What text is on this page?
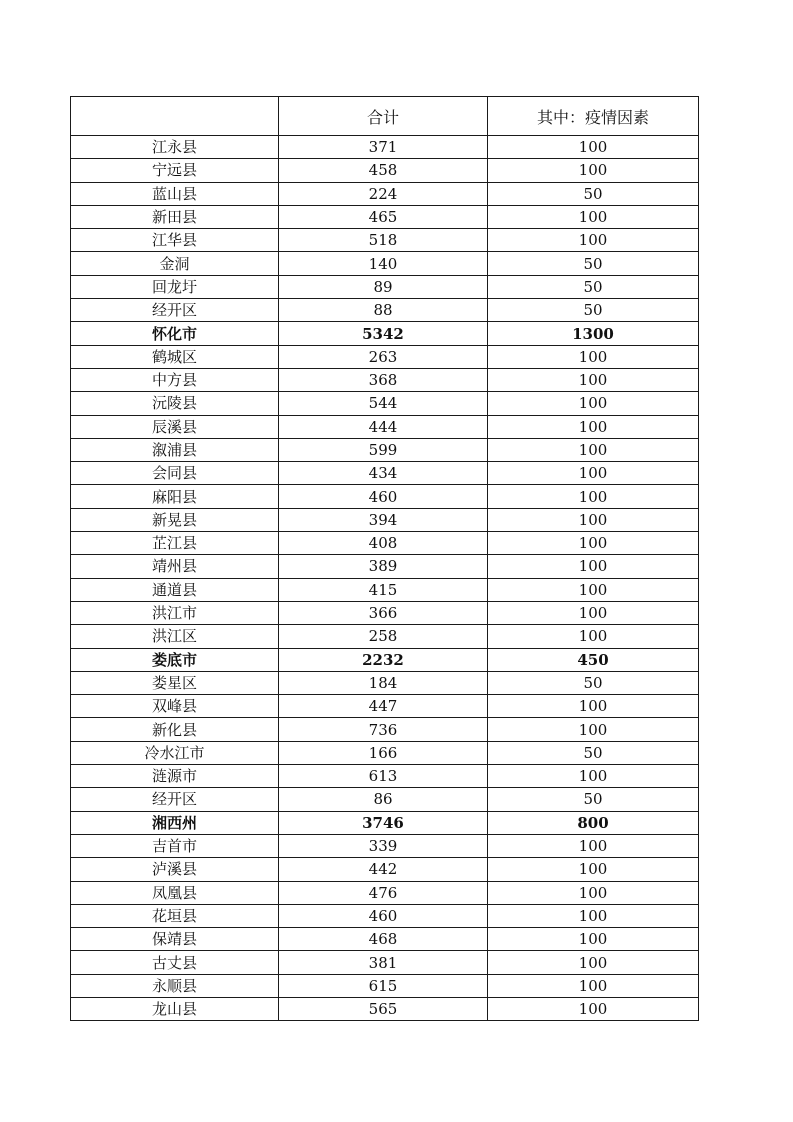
	合计	其中：疫情因素
江永县	371	100
宁远县	458	100
蓝山县	224	50
新田县	465	100
江华县	518	100
金洞	140	50
回龙圩	89	50
经开区	88	50
怀化市	5342	1300
鹤城区	263	100
中方县	368	100
沅陵县	544	100
辰溪县	444	100
溆浦县	599	100
会同县	434	100
麻阳县	460	100
新晃县	394	100
芷江县	408	100
靖州县	389	100
通道县	415	100
洪江市	366	100
洪江区	258	100
娄底市	2232	450
娄星区	184	50
双峰县	447	100
新化县	736	100
冷水江市	166	50
涟源市	613	100
经开区	86	50
湘西州	3746	800
吉首市	339	100
泸溪县	442	100
凤凰县	476	100
花垣县	460	100
保靖县	468	100
古丈县	381	100
永顺县	615	100
龙山县	565	100
